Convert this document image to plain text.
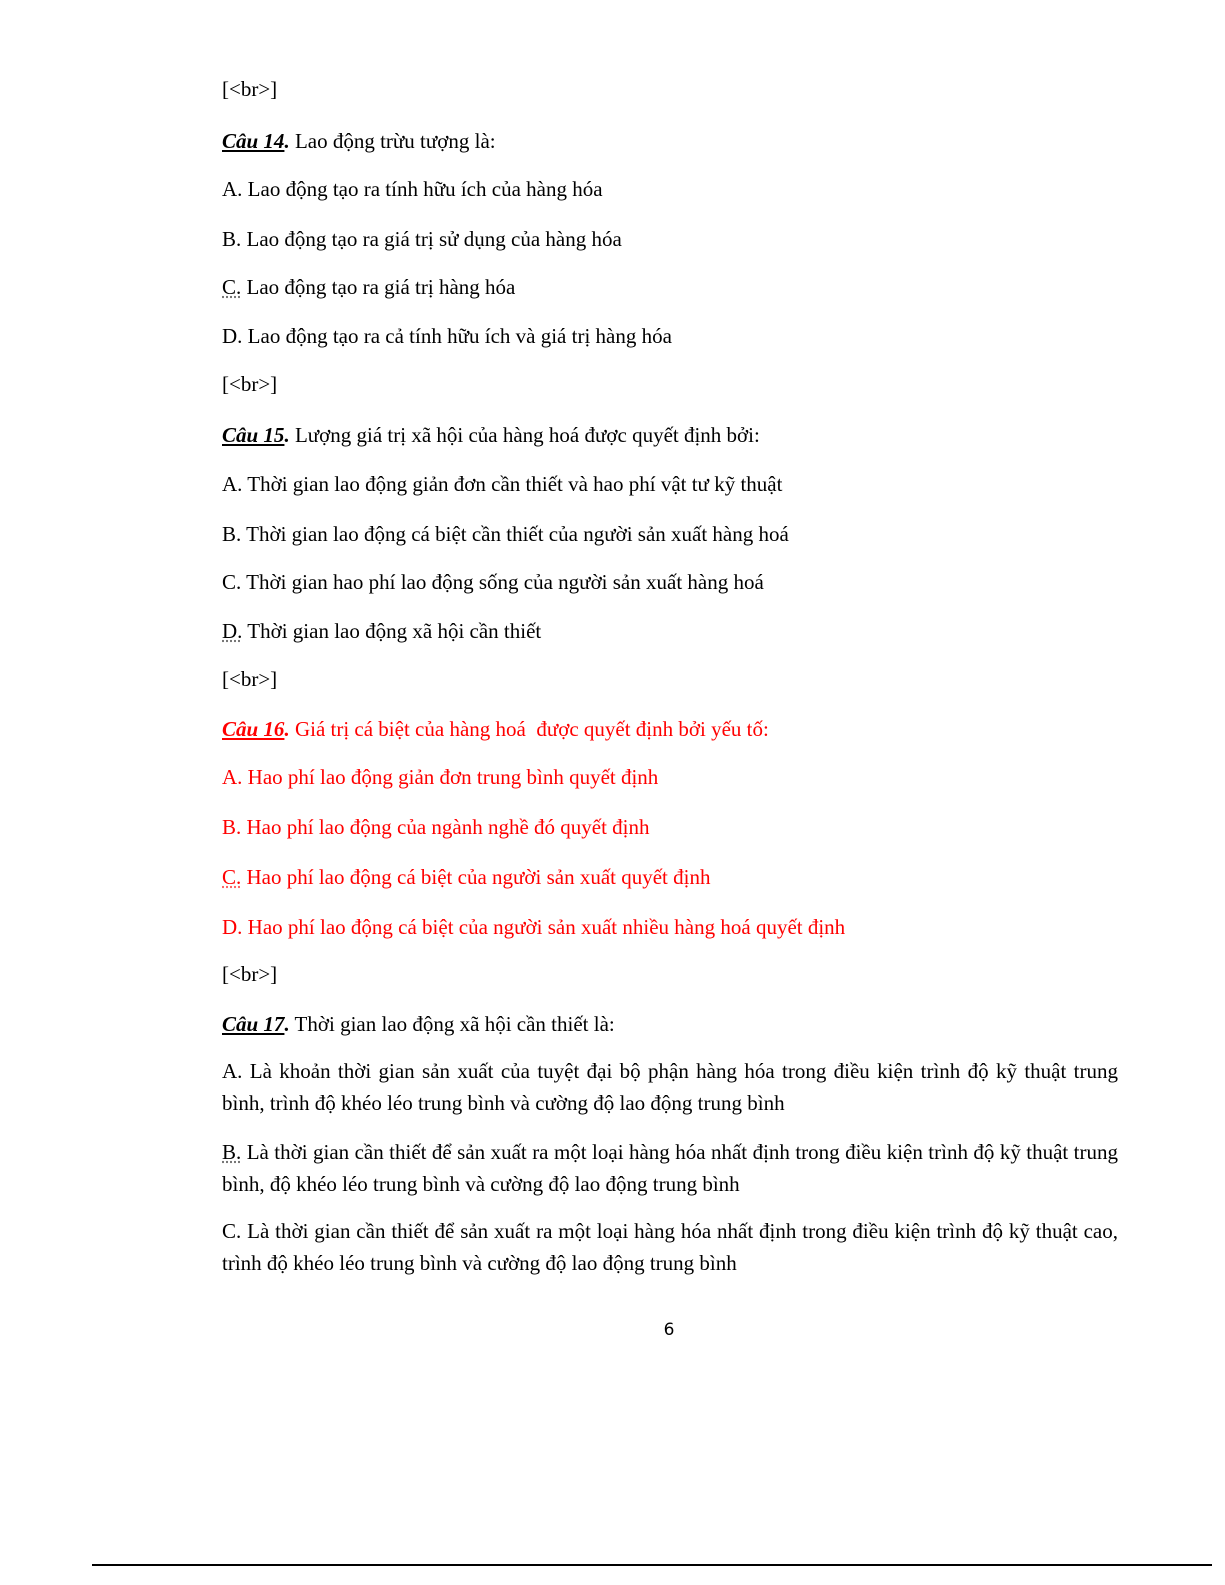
[<br>]
Câu 14. Lao động trừu tượng là:
A. Lao động tạo ra tính hữu ích của hàng hóa
B. Lao động tạo ra giá trị sử dụng của hàng hóa
C. Lao động tạo ra giá trị hàng hóa
D. Lao động tạo ra cả tính hữu ích và giá trị hàng hóa
[<br>]
Câu 15. Lượng giá trị xã hội của hàng hoá được quyết định bởi:
A. Thời gian lao động giản đơn cần thiết và hao phí vật tư kỹ thuật
B. Thời gian lao động cá biệt cần thiết của người sản xuất hàng hoá
C. Thời gian hao phí lao động sống của người sản xuất hàng hoá
D. Thời gian lao động xã hội cần thiết
[<br>]
Câu 16. Giá trị cá biệt của hàng hoá  được quyết định bởi yếu tố:
A. Hao phí lao động giản đơn trung bình quyết định
B. Hao phí lao động của ngành nghề đó quyết định
C. Hao phí lao động cá biệt của người sản xuất quyết định
D. Hao phí lao động cá biệt của người sản xuất nhiều hàng hoá quyết định
[<br>]
Câu 17. Thời gian lao động xã hội cần thiết là:
A. Là khoản thời gian sản xuất của tuyệt đại bộ phận hàng hóa trong điều kiện trình độ kỹ thuật trung bình, trình độ khéo léo trung bình và cường độ lao động trung bình
B. Là thời gian cần thiết để sản xuất ra một loại hàng hóa nhất định trong điều kiện trình độ kỹ thuật trung bình, độ khéo léo trung bình và cường độ lao động trung bình
C. Là thời gian cần thiết để sản xuất ra một loại hàng hóa nhất định trong điều kiện trình độ kỹ thuật cao, trình độ khéo léo trung bình và cường độ lao động trung bình
6
